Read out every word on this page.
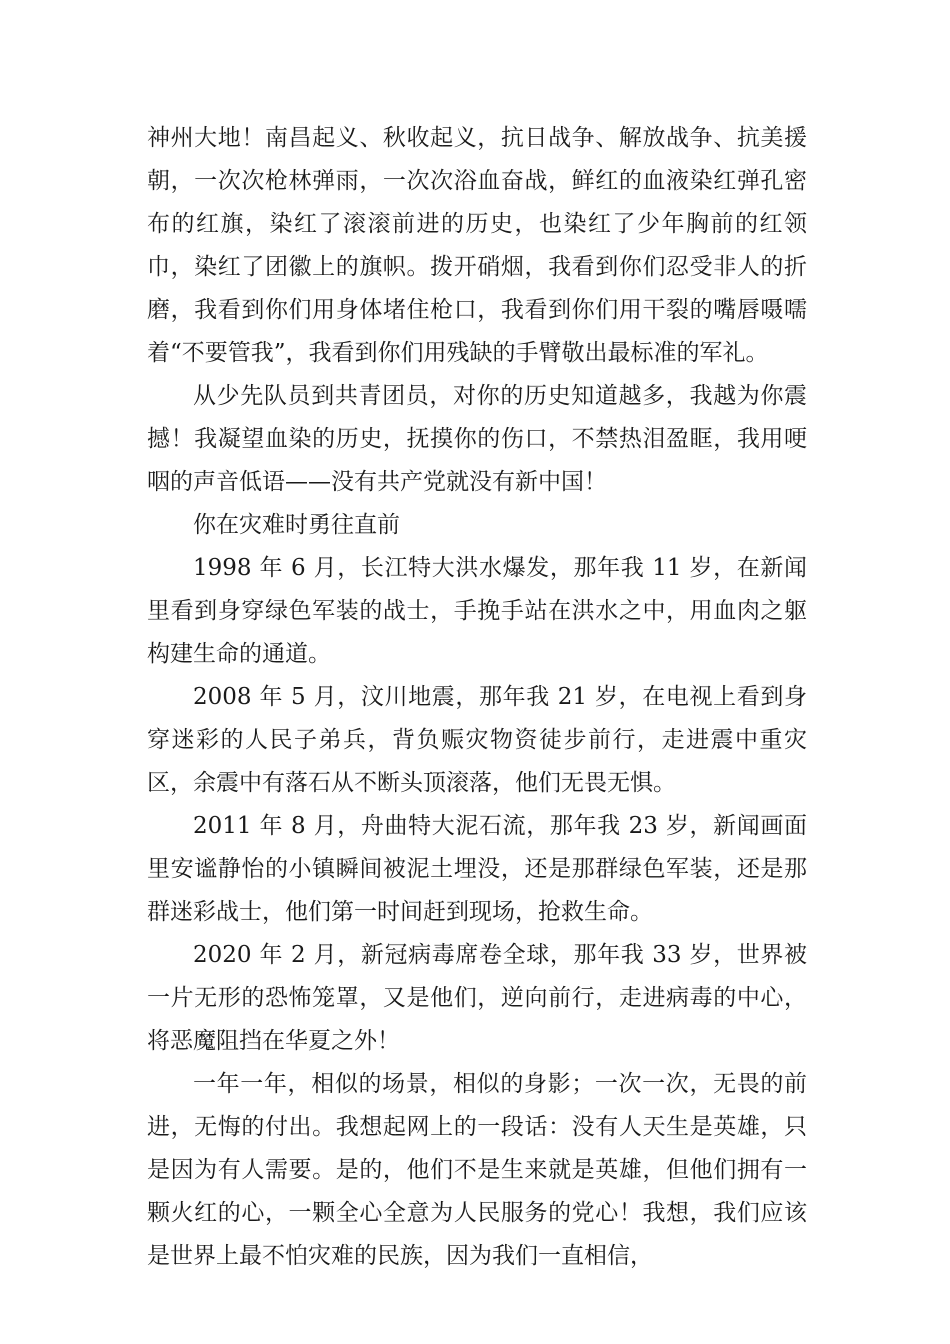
神州大地！南昌起义、秋收起义，抗日战争、解放战争、抗美援朝，一次次枪林弹雨，一次次浴血奋战，鲜红的血液染红弹孔密布的红旗，染红了滚滚前进的历史，也染红了少年胸前的红领巾，染红了团徽上的旗帜。拨开硝烟，我看到你们忍受非人的折磨，我看到你们用身体堵住枪口，我看到你们用干裂的嘴唇嗫嚅着“不要管我”，我看到你们用残缺的手臂敬出最标准的军礼。

从少先队员到共青团员，对你的历史知道越多，我越为你震撼！我凝望血染的历史，抚摸你的伤口，不禁热泪盈眶，我用哽咽的声音低语——没有共产党就没有新中国！

你在灾难时勇往直前

1998 年 6 月，长江特大洪水爆发，那年我 11 岁，在新闻里看到身穿绿色军装的战士，手挽手站在洪水之中，用血肉之躯构建生命的通道。

2008 年 5 月，汶川地震，那年我 21 岁，在电视上看到身穿迷彩的人民子弟兵，背负赈灾物资徒步前行，走进震中重灾区，余震中有落石从不断头顶滚落，他们无畏无惧。

2011 年 8 月，舟曲特大泥石流，那年我 23 岁，新闻画面里安谧静怡的小镇瞬间被泥土埋没，还是那群绿色军装，还是那群迷彩战士，他们第一时间赶到现场，抢救生命。

2020 年 2 月，新冠病毒席卷全球，那年我 33 岁，世界被一片无形的恐怖笼罩，又是他们，逆向前行，走进病毒的中心，将恶魔阻挡在华夏之外！

一年一年，相似的场景，相似的身影；一次一次，无畏的前进，无悔的付出。我想起网上的一段话：没有人天生是英雄，只是因为有人需要。是的，他们不是生来就是英雄，但他们拥有一颗火红的心，一颗全心全意为人民服务的党心！我想，我们应该是世界上最不怕灾难的民族，因为我们一直相信，
